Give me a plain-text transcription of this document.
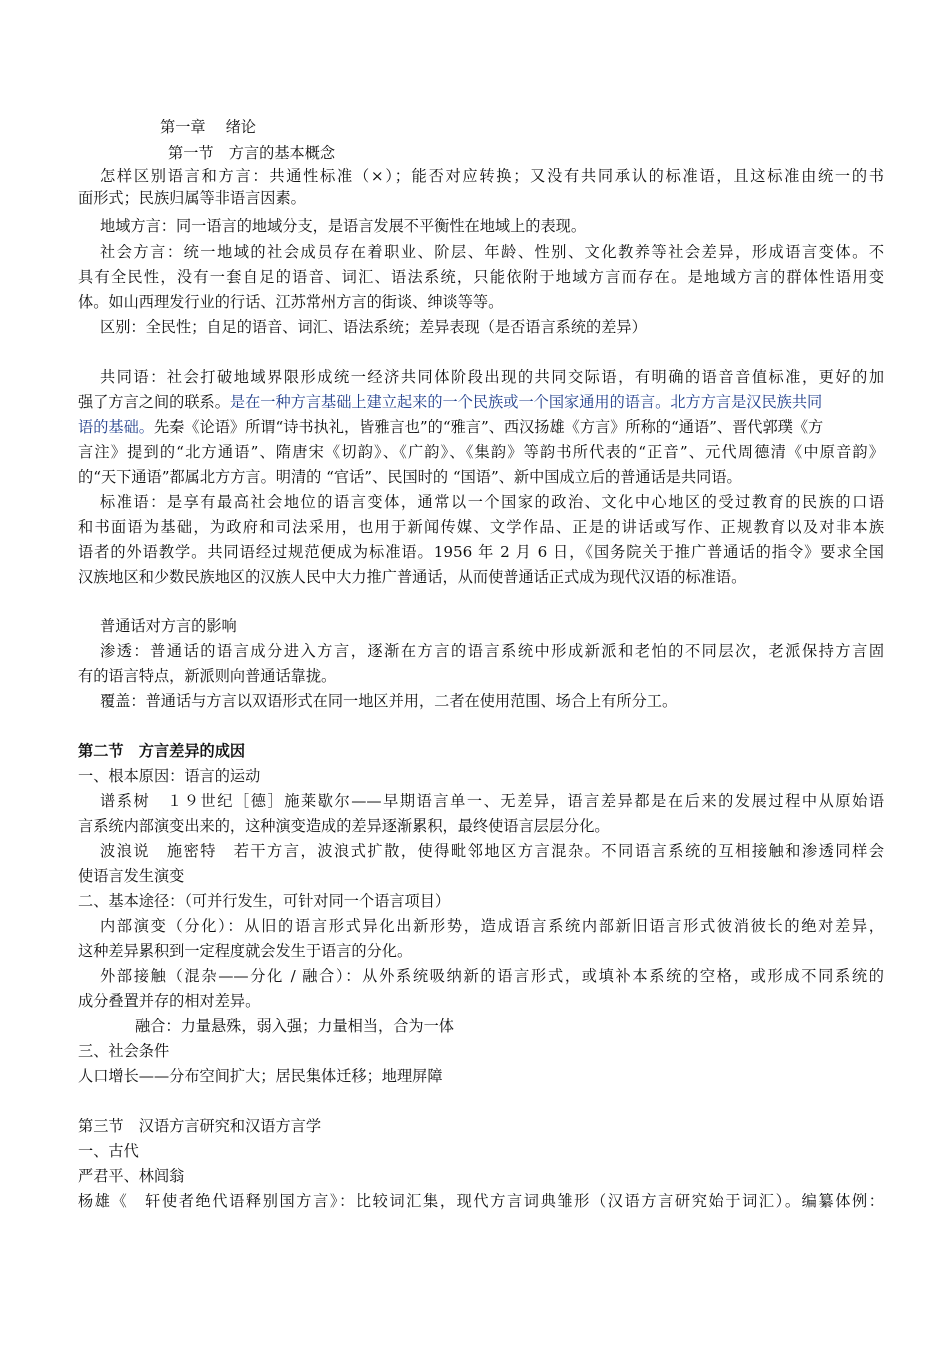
第一章　 绪论
第一节　方言的基本概念
怎样区别语言和方言：共通性标准（×）；能否对应转换；又没有共同承认的标准语，且这标准由统一的书
面形式；民族归属等非语言因素。
地域方言：同一语言的地域分支，是语言发展不平衡性在地域上的表现。
社会方言：统一地域的社会成员存在着职业、阶层、年龄、性别、文化教养等社会差异，形成语言变体。不
具有全民性，没有一套自足的语音、词汇、语法系统，只能依附于地域方言而存在。是地域方言的群体性语用变
体。如山西理发行业的行话、江苏常州方言的街谈、绅谈等等。
区别：全民性；自足的语音、词汇、语法系统；差异表现（是否语言系统的差异）
共同语：社会打破地域界限形成统一经济共同体阶段出现的共同交际语，有明确的语音音值标准，更好的加
强了方言之间的联系。是在一种方言基础上建立起来的一个民族或一个国家通用的语言。北方方言是汉民族共同
语的基础。先秦《论语》所谓“诗书执礼，皆雅言也”的“雅言”、西汉扬雄《方言》所称的“通语”、晋代郭璞《方
言注》提到的“北方通语”、隋唐宋《切韵》、《广韵》、《集韵》等韵书所代表的“正音”、元代周德清《中原音韵》
的“天下通语”都属北方方言。明清的 “官话”、民国时的 “国语”、新中国成立后的普通话是共同语。
标准语：是享有最高社会地位的语言变体，通常以一个国家的政治、文化中心地区的受过教育的民族的口语
和书面语为基础，为政府和司法采用，也用于新闻传媒、文学作品、正是的讲话或写作、正规教育以及对非本族
语者的外语教学。共同语经过规范便成为标准语。1956 年 2 月 6 日，《国务院关于推广普通话的指令》要求全国
汉族地区和少数民族地区的汉族人民中大力推广普通话，从而使普通话正式成为现代汉语的标准语。
普通话对方言的影响
渗透：普通话的语言成分进入方言，逐渐在方言的语言系统中形成新派和老怕的不同层次，老派保持方言固
有的语言特点，新派则向普通话靠拢。
覆盖：普通话与方言以双语形式在同一地区并用，二者在使用范围、场合上有所分工。
第二节　方言差异的成因
一、根本原因：语言的运动
谱系树　１９世纪［德］施莱歇尔——早期语言单一、无差异，语言差异都是在后来的发展过程中从原始语
言系统内部演变出来的，这种演变造成的差异逐渐累积，最终使语言层层分化。
波浪说　施密特　若干方言，波浪式扩散，使得毗邻地区方言混杂。不同语言系统的互相接触和渗透同样会
使语言发生演变
二、基本途径：（可并行发生，可针对同一个语言项目）
内部演变（分化）：从旧的语言形式异化出新形势，造成语言系统内部新旧语言形式彼消彼长的绝对差异，
这种差异累积到一定程度就会发生于语言的分化。
外部接触（混杂——分化 / 融合）：从外系统吸纳新的语言形式，或填补本系统的空格，或形成不同系统的
成分叠置并存的相对差异。
融合：力量悬殊，弱入强；力量相当，合为一体
三、社会条件
人口增长——分布空间扩大；居民集体迁移；地理屏障
第三节　汉语方言研究和汉语方言学
一、古代
严君平、林闾翁
杨雄《　轩使者绝代语释别国方言》：比较词汇集，现代方言词典雏形（汉语方言研究始于词汇）。编纂体例：
